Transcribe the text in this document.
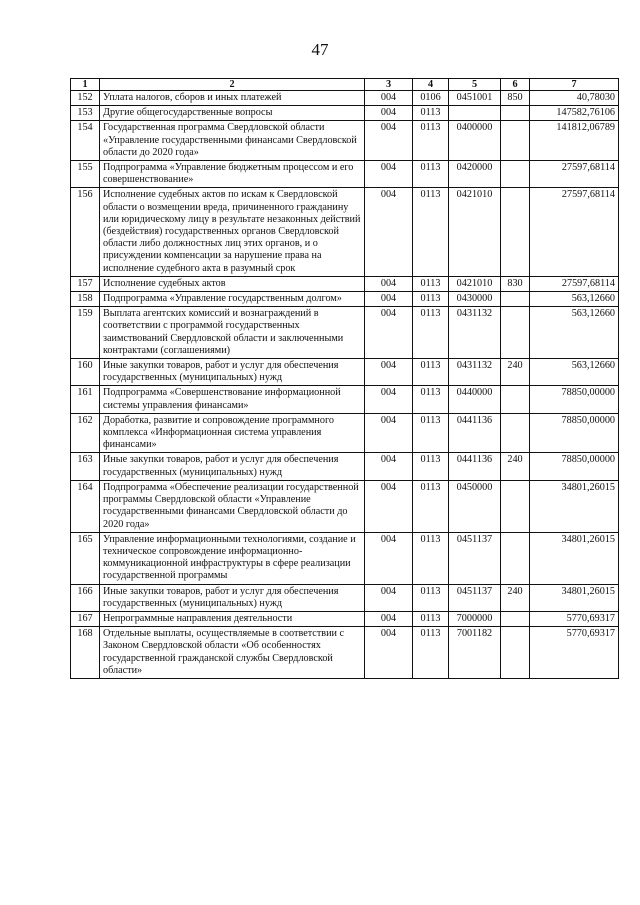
47
1	2	3	4	5	6	7
152	Уплата налогов, сборов и иных платежей	004	0106	0451001	850	40,78030
153	Другие общегосударственные вопросы	004	0113			147582,76106
154	Государственная программа Свердловской области «Управление государственными финансами Свердловской области до 2020 года»	004	0113	0400000		141812,06789
155	Подпрограмма «Управление бюджетным процессом и его совершенствование»	004	0113	0420000		27597,68114
156	Исполнение судебных актов по искам к Свердловской области о возмещении вреда, причиненного гражданину или юридическому лицу в результате незаконных действий (бездействия) государственных органов Свердловской области либо должностных лиц этих органов, и о присуждении компенсации за нарушение права на исполнение судебного акта в разумный срок	004	0113	0421010		27597,68114
157	Исполнение судебных актов	004	0113	0421010	830	27597,68114
158	Подпрограмма «Управление государственным долгом»	004	0113	0430000		563,12660
159	Выплата агентских комиссий и вознаграждений в соответствии с программой государственных заимствований Свердловской области и заключенными контрактами (соглашениями)	004	0113	0431132		563,12660
160	Иные закупки товаров, работ и услуг для обеспечения государственных (муниципальных) нужд	004	0113	0431132	240	563,12660
161	Подпрограмма «Совершенствование информационной системы управления финансами»	004	0113	0440000		78850,00000
162	Доработка, развитие и сопровождение программного комплекса «Информационная система управления финансами»	004	0113	0441136		78850,00000
163	Иные закупки товаров, работ и услуг для обеспечения государственных (муниципальных) нужд	004	0113	0441136	240	78850,00000
164	Подпрограмма «Обеспечение реализации государственной программы Свердловской области «Управление государственными финансами Свердловской области до 2020 года»	004	0113	0450000		34801,26015
165	Управление информационными технологиями, создание и техническое сопровождение информационно-коммуникационной инфраструктуры в сфере реализации государственной программы	004	0113	0451137		34801,26015
166	Иные закупки товаров, работ и услуг для обеспечения государственных (муниципальных) нужд	004	0113	0451137	240	34801,26015
167	Непрограммные направления деятельности	004	0113	7000000		5770,69317
168	Отдельные выплаты, осуществляемые в соответствии с Законом Свердловской области «Об особенностях государственной гражданской службы Свердловской области»	004	0113	7001182		5770,69317
